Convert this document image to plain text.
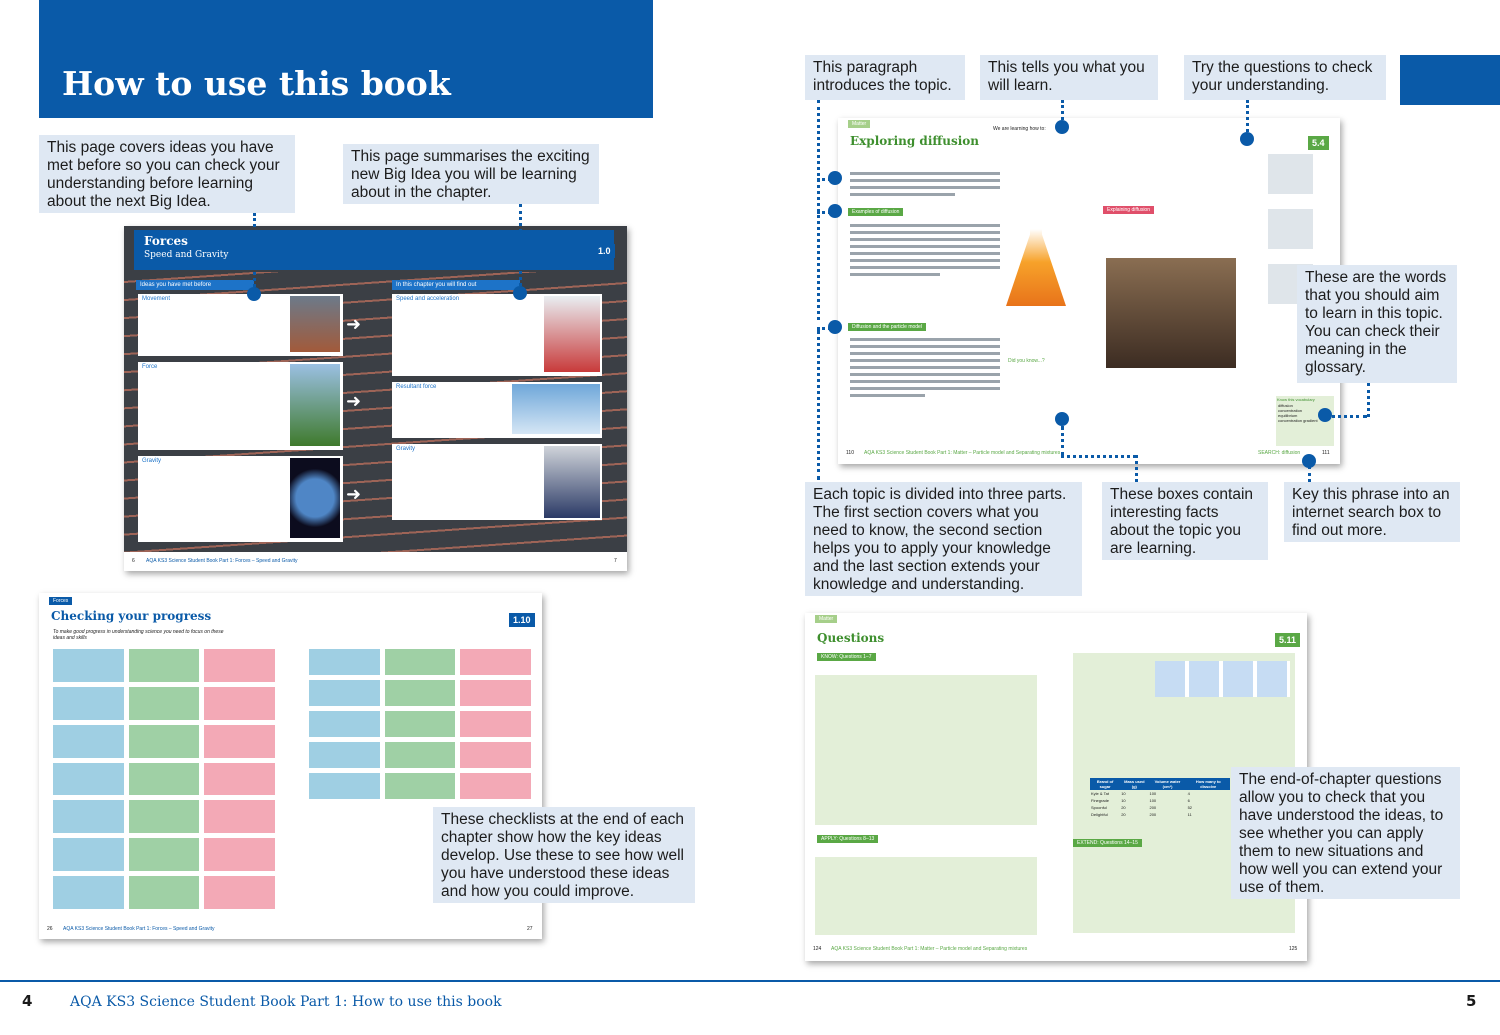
How to use this book
This page covers ideas you have met before so you can check your understanding before learning about the next Big Idea.
This page summarises the exciting new Big Idea you will be learning about in the chapter.
Forces
Speed and Gravity	1.0
Ideas you have met before	In this chapter you will find out
Movement
Force
Gravity
➜
➜
➜
Speed and acceleration
Resultant force
Gravity
6 AQA KS3 Science Student Book Part 1: Forces – Speed and Gravity	7
Forces
Checking your progress	1.10
To make good progress in understanding science you need to focus on these ideas and skills
26 AQA KS3 Science Student Book Part 1: Forces – Speed and Gravity	27
These checklists at the end of each chapter show how the key ideas develop. Use these to see how well you have understood these ideas and how you could improve.
This paragraph introduces the topic.
This tells you what you will learn.
Try the questions to check your understanding.
Matter
Exploring diffusion
We are learning how to:
5.4
Examples of diffusion
Diffusion and the particle model
Did you know...?
Explaining diffusion
Know this vocabulary
diffusion
concentration
equilibrium
concentration gradient
110 AQA KS3 Science Student Book Part 1: Matter – Particle model and Separating mixtures	SEARCH: diffusion	111
These are the words that you should aim to learn in this topic. You can check their meaning in the glossary.
Each topic is divided into three parts. The first section covers what you need to know, the second section helps you to apply your knowledge and the last section extends your knowledge and understanding.
These boxes contain interesting facts about the topic you are learning.
Key this phrase into an internet search box to find out more.
Matter
Questions	5.11
KNOW: Questions 1–7
APPLY: Questions 8–13
EXTEND: Questions 14–15
Brand of sugar	Mass used (g)	Volume water (cm³)	How many to dissolve
Kyle & Tat	10	100	4
Finegrade	10	100	6
Spoonful	20	200	52
Delightful	20	200	11
124 AQA KS3 Science Student Book Part 1: Matter – Particle model and Separating mixtures	125
The end-of-chapter questions allow you to check that you have understood the ideas, to see whether you can apply them to new situations and how well you can extend your use of them.
4	AQA KS3 Science Student Book Part 1: How to use this book	5
